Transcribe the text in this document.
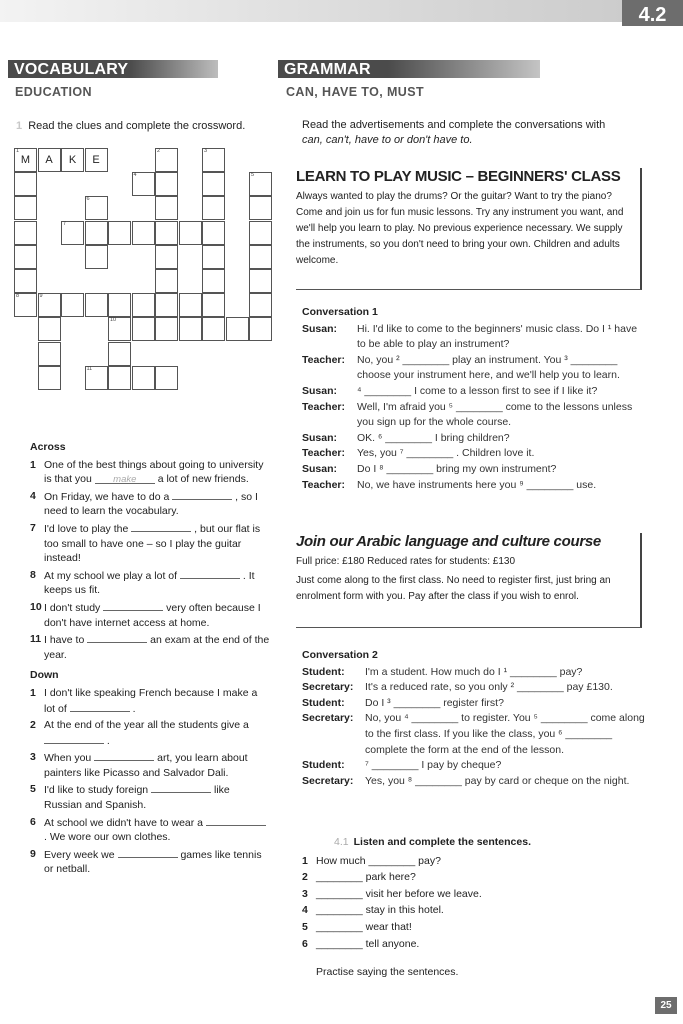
4.2
VOCABULARY
EDUCATION
1 Read the clues and complete the crossword.
M
1
A	K	E
2	3
4	5
6
7
8	9
10
11
Across
1 One of the best things about going to university is that you make a lot of new friends.
4 On Friday, we have to do a	, so I need to learn the vocabulary.
7 I'd love to play the	, but our flat is too small to have one – so I play the guitar instead!
8 At my school we play a lot of	. It keeps us fit.
10 I don't study	very often because I don't have internet access at home.
11 I have to	an exam at the end of the year.
Down
1 I don't like speaking French because I make a lot of	.
2 At the end of the year all the students give a  .
3 When you	art, you learn about painters like Picasso and Salvador Dali.
5 I'd like to study foreign	like Russian and Spanish.
6 At school we didn't have to wear a  . We wore our own clothes.
9 Every week we	games like tennis or netball.
GRAMMAR
CAN, HAVE TO, MUST
Read the advertisements and complete the conversations with
can, can't, have to or don't have to.
LEARN TO PLAY MUSIC – BEGINNERS' CLASS
Always wanted to play the drums? Or the guitar? Want to try the piano? Come and join us for fun music lessons. Try any instrument you want, and we'll help you learn to play. No previous experience necessary. We supply the instruments, so you don't need to bring your own. Children and adults welcome.
Conversation 1
Susan:	Hi. I'd like to come to the beginners' music class. Do I ¹ have to be able to play an instrument?
Teacher:	No, you ² ________ play an instrument. You ³ ________ choose your instrument here, and we'll help you to learn.
Susan:	⁴ ________ I come to a lesson first to see if I like it?
Teacher:	Well, I'm afraid you ⁵ ________ come to the lessons unless you sign up for the whole course.
Susan:	OK. ⁶ ________ I bring children?
Teacher:	Yes, you ⁷ ________ . Children love it.
Susan:	Do I ⁸ ________ bring my own instrument?
Teacher:	No, we have instruments here you ⁹ ________ use.
Join our Arabic language and culture course
Full price: £180 Reduced rates for students: £130
Just come along to the first class. No need to register first, just bring an enrolment form with you. Pay after the class if you wish to enrol.
Conversation 2
Student:	I'm a student. How much do I ¹ ________ pay?
Secretary:	It's a reduced rate, so you only ² ________ pay £130.
Student:	Do I ³ ________ register first?
Secretary:	No, you ⁴ ________ to register. You ⁵ ________ come along to the first class. If you like the class, you ⁶ ________ complete the form at the end of the lesson.
Student:	⁷ ________ I pay by cheque?
Secretary:	Yes, you ⁸ ________ pay by card or cheque on the night.
4.1 Listen and complete the sentences.
1 How much ________ pay?
2 ________ park here?
3 ________ visit her before we leave.
4 ________ stay in this hotel.
5 ________ wear that!
6 ________ tell anyone.
Practise saying the sentences.
25
